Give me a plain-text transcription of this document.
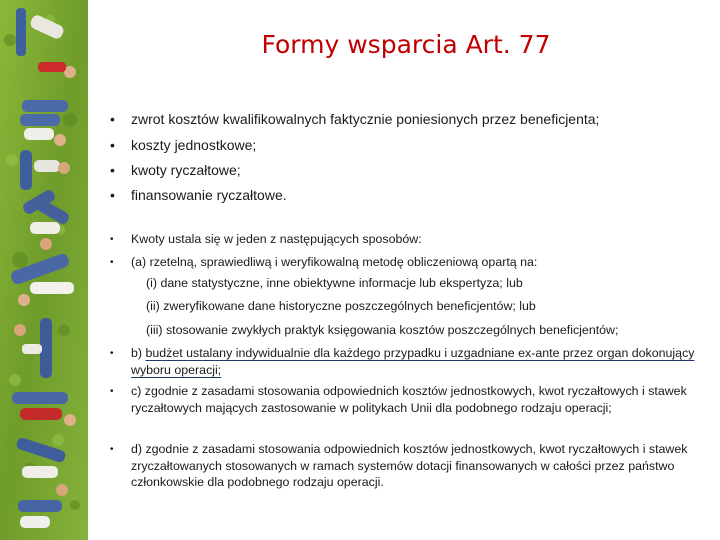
Formy wsparcia Art. 77
• zwrot kosztów kwalifikowalnych faktycznie poniesionych przez beneficjenta;
• koszty jednostkowe;
• kwoty ryczałtowe;
• finansowanie ryczałtowe.
• Kwoty ustala się w jeden z następujących sposobów:
• (a) rzetelną, sprawiedliwą i weryfikowalną metodę obliczeniową opartą na:
(i) dane statystyczne, inne obiektywne informacje lub ekspertyza; lub
(ii) zweryfikowane dane historyczne poszczególnych beneficjentów; lub
(iii) stosowanie zwykłych praktyk księgowania kosztów poszczególnych beneficjentów;
• b) budżet ustalany indywidualnie dla każdego przypadku i uzgadniane ex-ante przez organ dokonujący wyboru operacji;
• c) zgodnie z zasadami stosowania odpowiednich kosztów jednostkowych, kwot ryczałtowych i stawek ryczałtowych mających zastosowanie w politykach Unii dla podobnego rodzaju operacji;
• d) zgodnie z zasadami stosowania odpowiednich kosztów jednostkowych, kwot ryczałtowych i stawek zryczałtowanych stosowanych w ramach systemów dotacji finansowanych w całości przez państwo członkowskie dla podobnego rodzaju operacji.
